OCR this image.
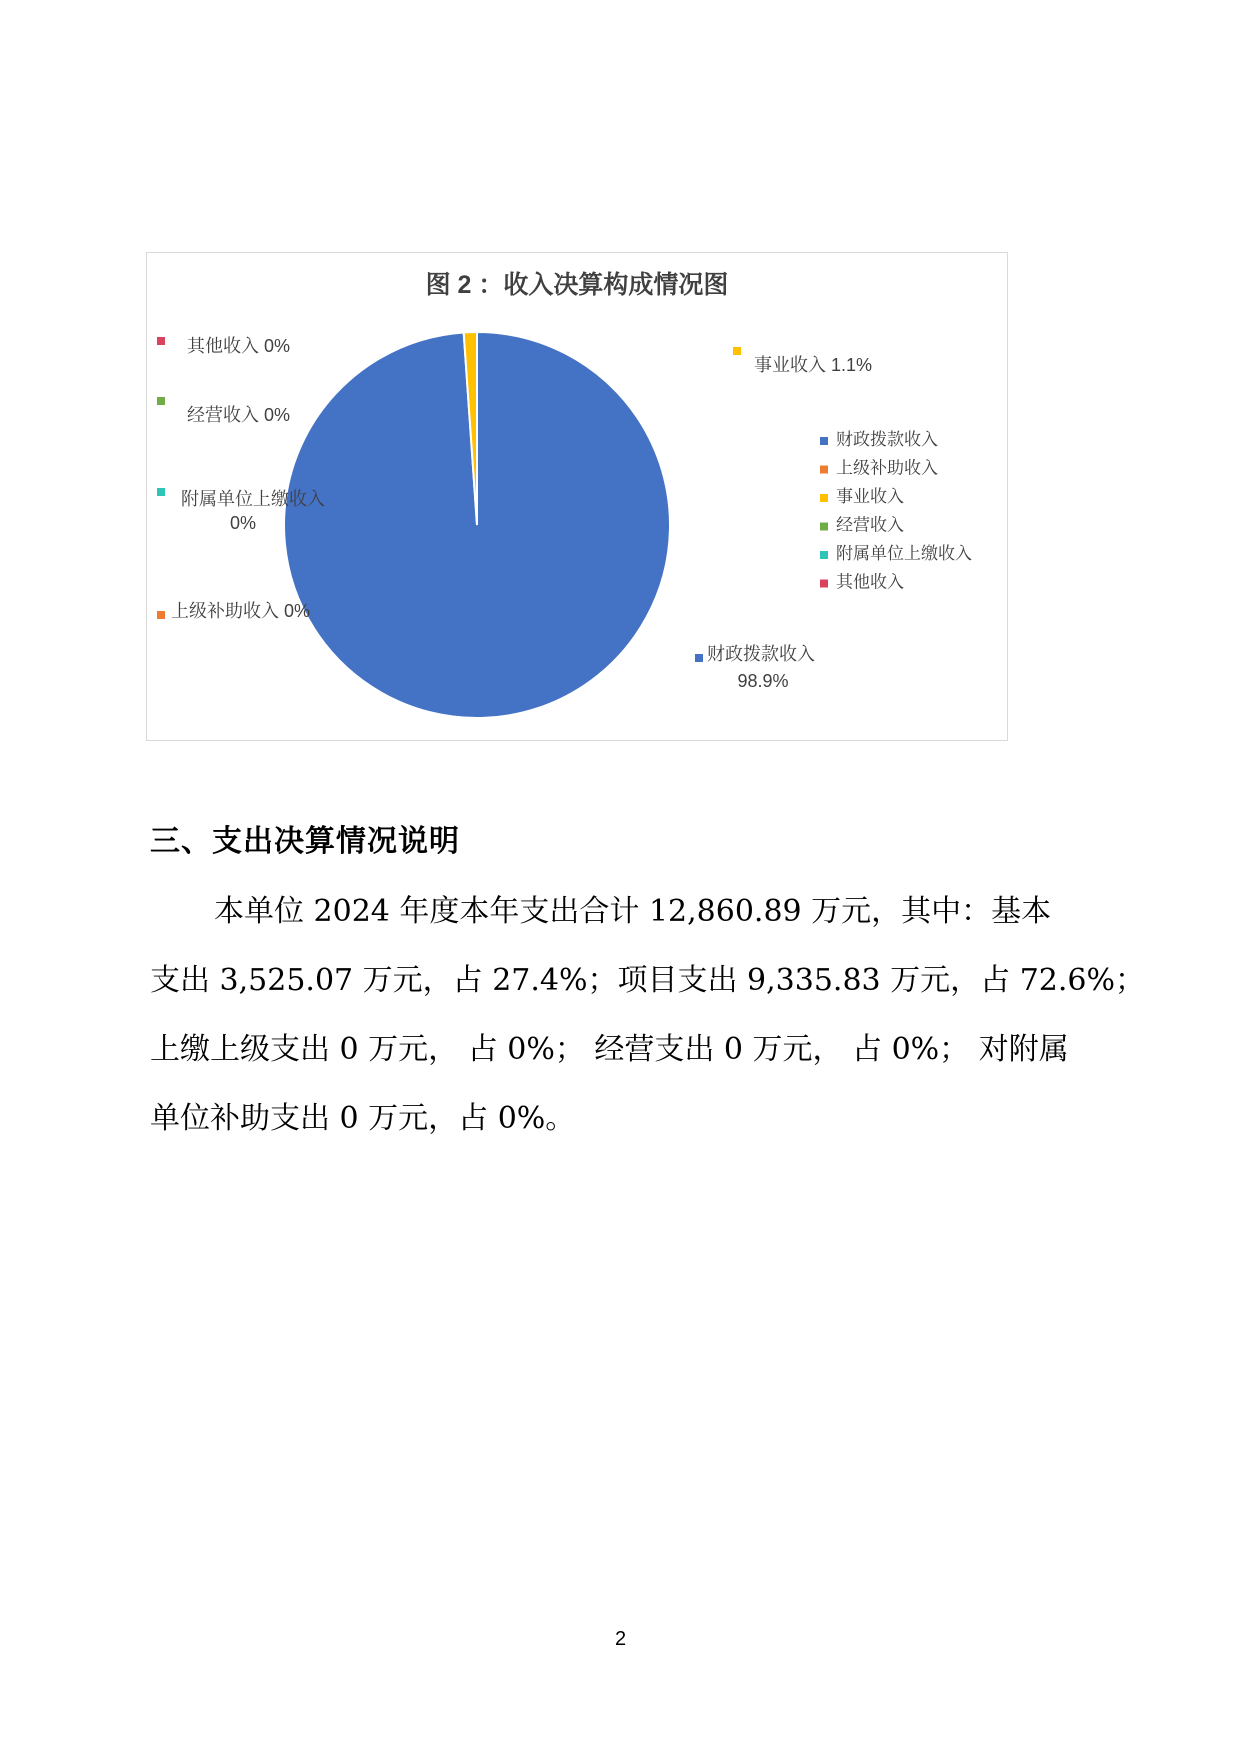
图 2 ：收入决算构成情况图
财政拨款收入
98.9%
上级补助收入 0%
事业收入 1.1%
经营收入 0%
附属单位上缴收入
0%
其他收入 0%
财政拨款收入
上级补助收入
事业收入
经营收入
附属单位上缴收入
其他收入
三、支出决算情况说明
本单位 2024 年度本年支出合计 12,860.89 万元，其中：基本
支出 3,525.07 万元，占 27.4%；项目支出 9,335.83 万元，占 72.6%；
上缴上级支出 0 万元， 占 0%； 经营支出 0 万元， 占 0%； 对附属
单位补助支出 0 万元，占 0%。
2
